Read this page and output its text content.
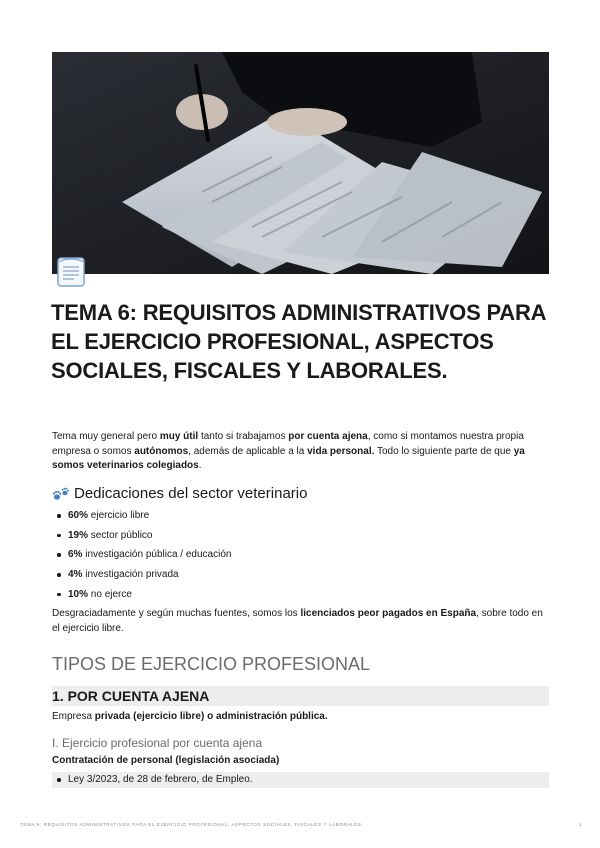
TEMA 6: REQUISITOS ADMINISTRATIVOS PARA EL EJERCICIO PROFESIONAL, ASPECTOS SOCIALES, FISCALES Y LABORALES.

Tema muy general pero muy útil tanto si trabajamos por cuenta ajena, como si montamos nuestra propia empresa o somos autónomos, además de aplicable a la vida personal. Todo lo siguiente parte de que ya somos veterinarios colegiados.

Dedicaciones del sector veterinario
60% ejercicio libre
19% sector público
6% investigación pública / educación
4% investigación privada
10% no ejerce

Desgraciadamente y según muchas fuentes, somos los licenciados peor pagados en España, sobre todo en el ejercicio libre.

TIPOS DE EJERCICIO PROFESIONAL
1. POR CUENTA AJENA

Empresa privada (ejercicio libre) o administración pública.

I. Ejercicio profesional por cuenta ajena

Contratación de personal (legislación asociada)

Ley 3/2023, de 28 de febrero, de Empleo.
TEMA 6: REQUISITOS ADMINISTRATIVOS PARA EL EJERCICIO PROFESIONAL, ASPECTOS SOCIALES, FISCALES Y LABORALES.	1
